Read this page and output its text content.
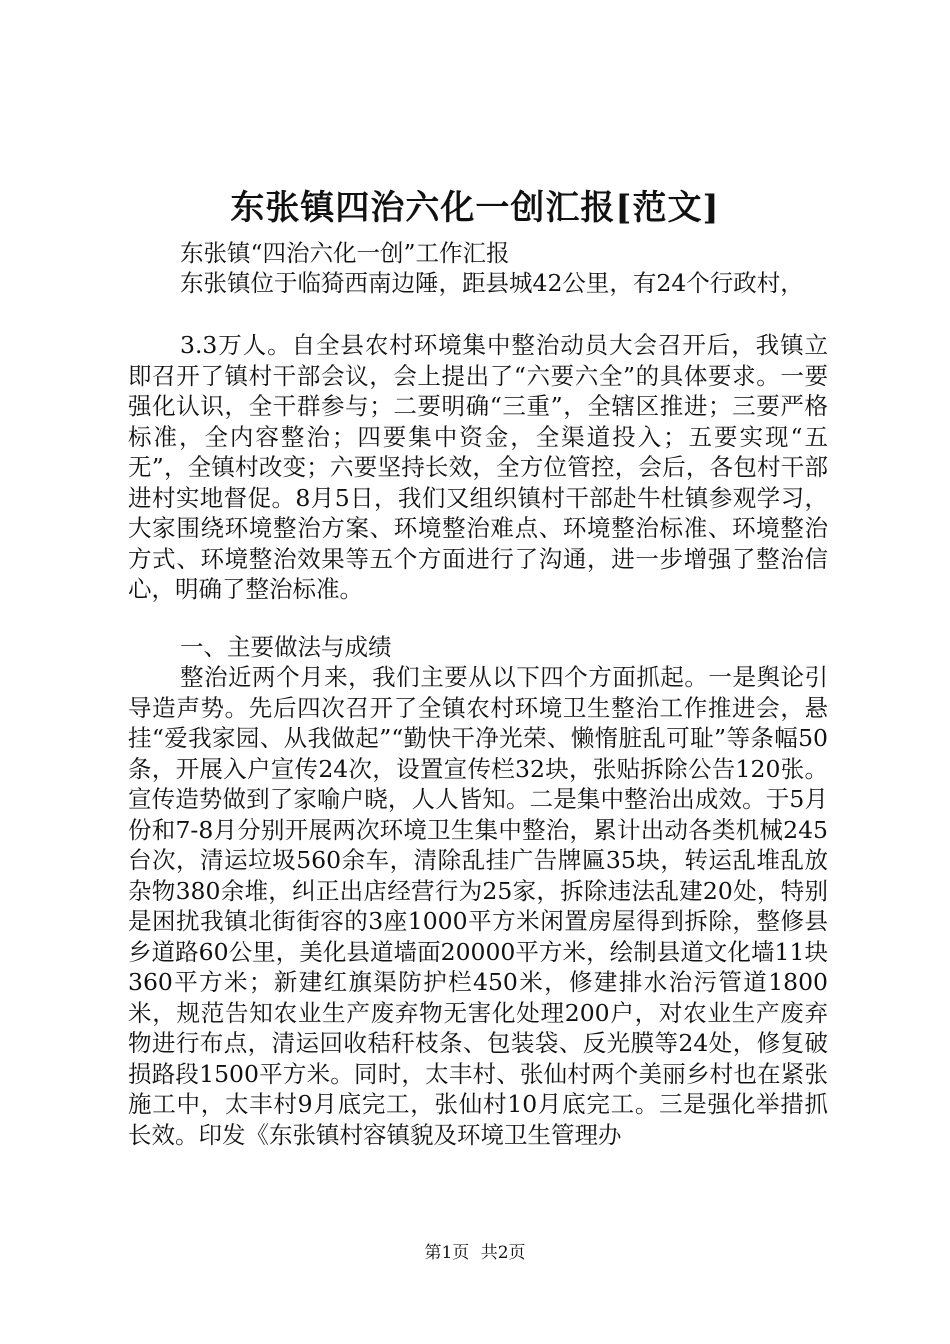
东张镇四治六化一创汇报[范文]
东张镇“四治六化一创”工作汇报

东张镇位于临猗西南边陲，距县城42公里，有24个行政村，

3.3万人。自全县农村环境集中整治动员大会召开后，我镇立即召开了镇村干部会议，会上提出了“六要六全”的具体要求。一要强化认识，全干群参与；二要明确“三重”，全辖区推进；三要严格标准，全内容整治；四要集中资金，全渠道投入；五要实现“五无”，全镇村改变；六要坚持长效，全方位管控，会后，各包村干部进村实地督促。8月5日，我们又组织镇村干部赴牛杜镇参观学习，大家围绕环境整治方案、环境整治难点、环境整治标准、环境整治方式、环境整治效果等五个方面进行了沟通，进一步增强了整治信心，明确了整治标准。

一、主要做法与成绩

整治近两个月来，我们主要从以下四个方面抓起。一是舆论引导造声势。先后四次召开了全镇农村环境卫生整治工作推进会，悬挂“爱我家园、从我做起”“勤快干净光荣、懒惰脏乱可耻”等条幅50条，开展入户宣传24次，设置宣传栏32块，张贴拆除公告120张。宣传造势做到了家喻户晓，人人皆知。二是集中整治出成效。于5月份和7-8月分别开展两次环境卫生集中整治，累计出动各类机械245台次，清运垃圾560余车，清除乱挂广告牌匾35块，转运乱堆乱放杂物380余堆，纠正出店经营行为25家，拆除违法乱建20处，特别是困扰我镇北街街容的3座1000平方米闲置房屋得到拆除，整修县乡道路60公里，美化县道墙面20000平方米，绘制县道文化墙11块360平方米；新建红旗渠防护栏450米，修建排水治污管道1800米，规范告知农业生产废弃物无害化处理200户，对农业生产废弃物进行布点，清运回收秸秆枝条、包装袋、反光膜等24处，修复破损路段1500平方米。同时，太丰村、张仙村两个美丽乡村也在紧张施工中，太丰村9月底完工，张仙村10月底完工。三是强化举措抓长效。印发《东张镇村容镇貌及环境卫生管理办

第1页 共2页
